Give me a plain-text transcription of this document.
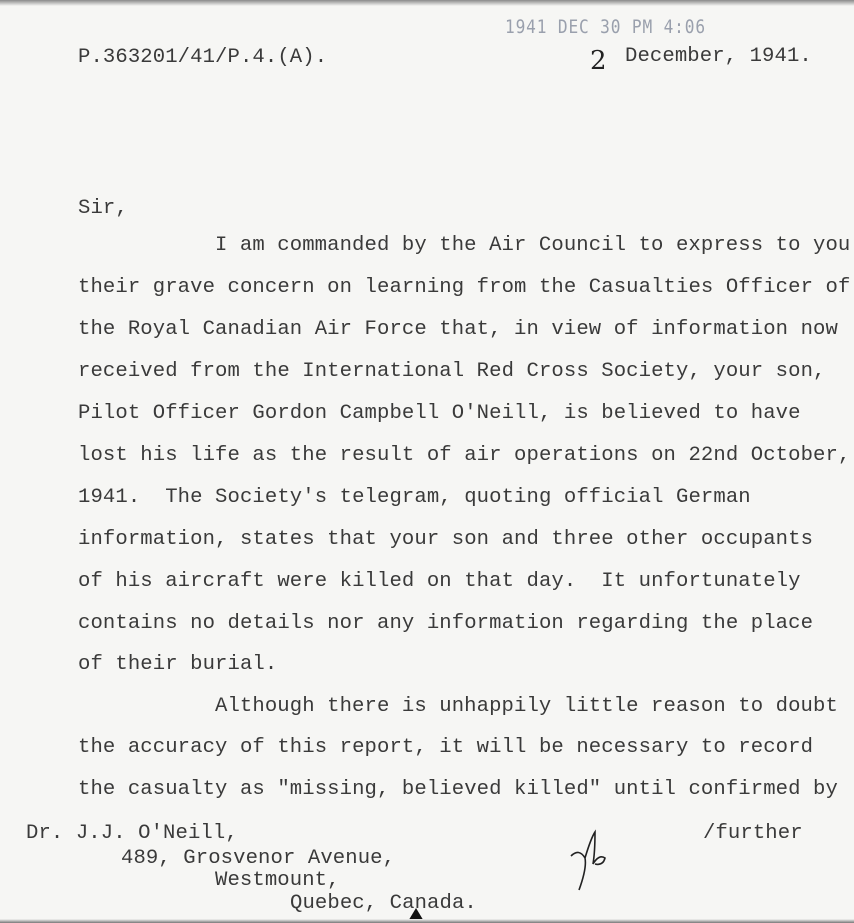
1941 DEC 30 PM 4:06
P.363201/41/P.4.(A).	2 December, 1941.
Sir,
I am commanded by the Air Council to express to you
their grave concern on learning from the Casualties Officer of
the Royal Canadian Air Force that, in view of information now
received from the International Red Cross Society, your son,
Pilot Officer Gordon Campbell O'Neill, is believed to have
lost his life as the result of air operations on 22nd October,
1941.  The Society's telegram, quoting official German
information, states that your son and three other occupants
of his aircraft were killed on that day.  It unfortunately
contains no details nor any information regarding the place
of their burial.
Although there is unhappily little reason to doubt
the accuracy of this report, it will be necessary to record
the casualty as "missing, believed killed" until confirmed by
/further
Dr. J.J. O'Neill,
489, Grosvenor Avenue,
Westmount,
Quebec, Canada.
